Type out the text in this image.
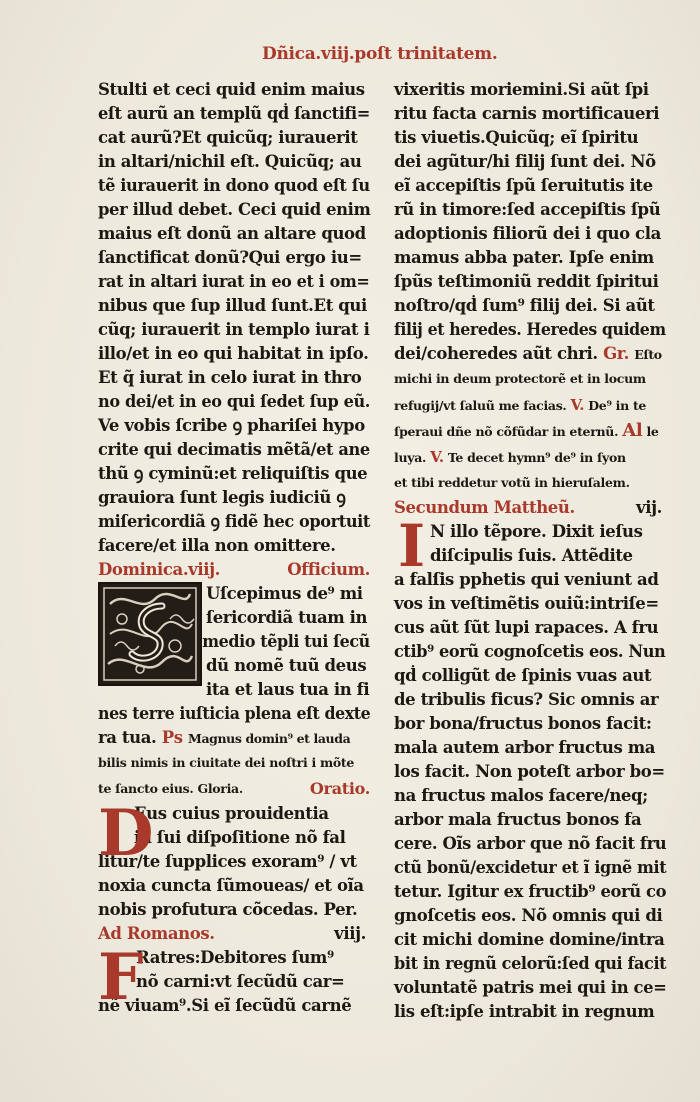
Dñica.viij.poſt trinitatem.
Stulti et ceci quid enim maius
eſt aurũ an templũ qḋ ſanctifi=
cat aurũ?Et quicũq; iurauerit
in altari/nichil eſt. Quicũq; au
tẽ iurauerit in dono quod eſt ſu
per illud debet. Ceci quid enim
maius eſt donũ an altare quod
ſanctificat donũ?Qui ergo iu=
rat in altari iurat in eo et i om=
nibus que ſup illud ſunt.Et qui
cũq; iurauerit in templo iurat i
illo/et in eo qui habitat in ipſo.
Et q̃ iurat in celo iurat in thro
no dei/et in eo qui ſedet ſup eũ.
Ve vobis ſcribe ꝯ phariſei hypo
crite qui decimatis mẽtã/et ane
thũ ꝯ cyminũ:et reliquiſtis que
grauiora ſunt legis iudiciũ ꝯ
miſericordiã ꝯ fidẽ hec oportuit
facere/et illa non omittere.
Dominica.viij.	Officium.
Uſcepimus de⁹ mi
ſericordiã tuam in
medio tẽpli tui ſecũ
dũ nomẽ tuũ deus
ita et laus tua in fi
nes terre iuſticia plena eſt dexte
ra tua. Ps Magnus domin⁹ et lauda
bilis nimis in ciuitate dei noſtri i mõte
te ſancto eius. Gloria.	Oratio.
D
Eus cuius prouidentia
in ſui diſpoſitione nõ fal
litur/te ſupplices exoram⁹ / vt
noxia cuncta ſũmoueas/ et oĩa
nobis profutura cõcedas. Per.
Ad Romanos.	viij.
F
Ratres:Debitores ſum⁹
nõ carni:vt ſecũdũ car=
nẽ viuam⁹.Si eĩ ſecũdũ carnẽ
vixeritis moriemini.Si aũt ſpi
ritu facta carnis mortificaueri
tis viuetis.Quicũq; eĩ ſpiritu
dei agũtur/hi filij ſunt dei. Nõ
eĩ accepiſtis ſpũ ſeruitutis ite
rũ in timore:ſed accepiſtis ſpũ
adoptionis filiorũ dei i quo cla
mamus abba pater. Ipſe enim
ſpũs teſtimoniũ reddit ſpiritui
noſtro/qḋ ſum⁹ filij dei. Si aũt
filij et heredes. Heredes quidem
dei/coheredes aũt chri. Gr. Eſto
michi in deum protectorẽ et in locum
refugij/vt ſaluũ me facias. V. De⁹ in te
ſperaui dñe nõ cõfũdar in eternũ. Al le
luya. V. Te decet hymn⁹ de⁹ in ſyon
et tibi reddetur votũ in hieruſalem.
Secundum Mattheũ.	vij.
I N illo tẽpore. Dixit ieſus
diſcipulis ſuis. Attẽdite
a falſis pphetis qui veniunt ad
vos in veſtimẽtis ouiũ:intriſe=
cus aũt ſũt lupi rapaces. A fru
ctib⁹ eorũ cognoſcetis eos. Nun
qḋ colligũt de ſpinis vuas aut
de tribulis ficus? Sic omnis ar
bor bona/fructus bonos facit:
mala autem arbor fructus ma
los facit. Non poteſt arbor bo=
na fructus malos facere/neq;
arbor mala fructus bonos fa
cere. Oĩs arbor que nõ facit fru
ctũ bonũ/excidetur et ĩ ignẽ mit
tetur. Igitur ex fructib⁹ eorũ co
gnoſcetis eos. Nõ omnis qui di
cit michi domine domine/intra
bit in regnũ celorũ:ſed qui facit
voluntatẽ patris mei qui in ce=
lis eſt:ipſe intrabit in regnum
